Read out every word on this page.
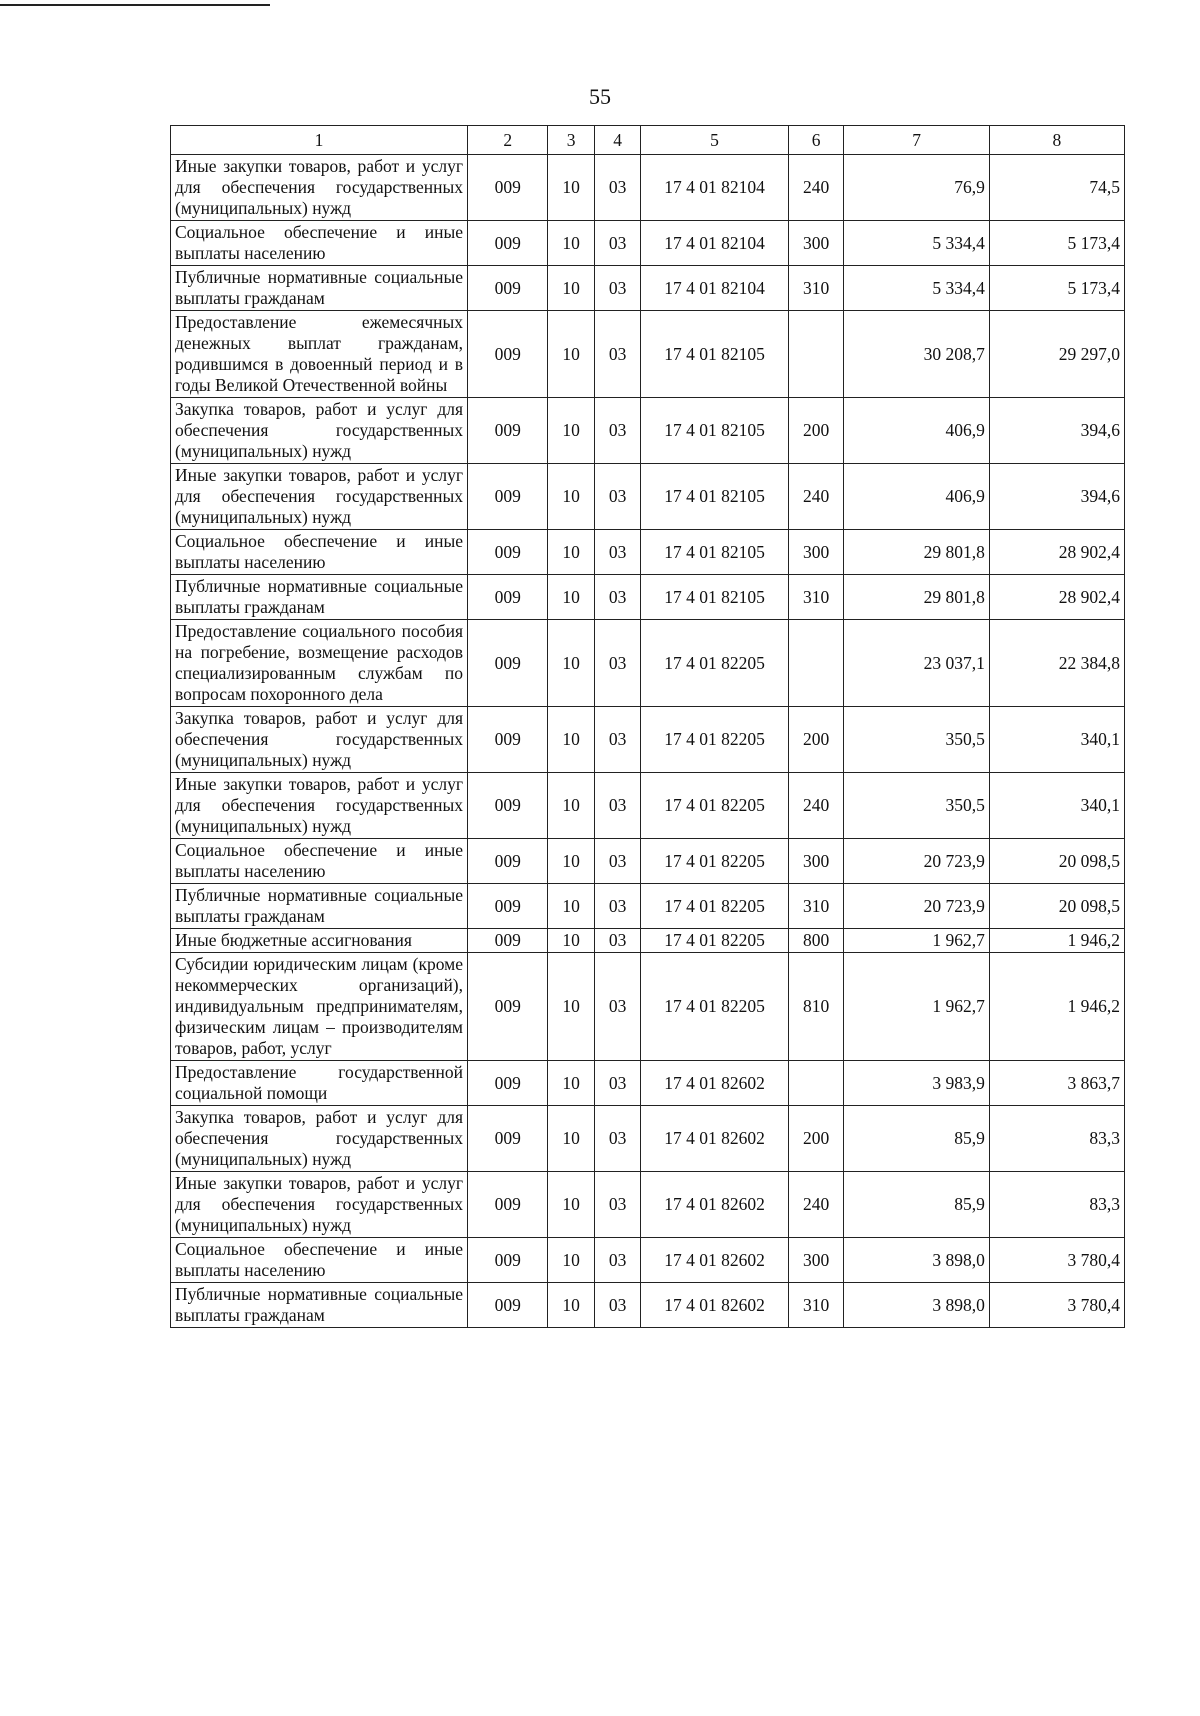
55
1	2	3	4	5	6	7	8
Иные закупки товаров, работ и услуг для обеспечения государственных (муниципальных) нужд	009	10	03	17 4 01 82104	240	76,9	74,5
Социальное обеспечение и иные выплаты населению	009	10	03	17 4 01 82104	300	5 334,4	5 173,4
Публичные нормативные социальные выплаты гражданам	009	10	03	17 4 01 82104	310	5 334,4	5 173,4
Предоставление ежемесячных денежных выплат гражданам, родившимся в довоенный период и в годы Великой Отечественной войны	009	10	03	17 4 01 82105		30 208,7	29 297,0
Закупка товаров, работ и услуг для обеспечения государственных (муниципальных) нужд	009	10	03	17 4 01 82105	200	406,9	394,6
Иные закупки товаров, работ и услуг для обеспечения государственных (муниципальных) нужд	009	10	03	17 4 01 82105	240	406,9	394,6
Социальное обеспечение и иные выплаты населению	009	10	03	17 4 01 82105	300	29 801,8	28 902,4
Публичные нормативные социальные выплаты гражданам	009	10	03	17 4 01 82105	310	29 801,8	28 902,4
Предоставление социального пособия на погребение, возмещение расходов специализированным службам по вопросам похоронного дела	009	10	03	17 4 01 82205		23 037,1	22 384,8
Закупка товаров, работ и услуг для обеспечения государственных (муниципальных) нужд	009	10	03	17 4 01 82205	200	350,5	340,1
Иные закупки товаров, работ и услуг для обеспечения государственных (муниципальных) нужд	009	10	03	17 4 01 82205	240	350,5	340,1
Социальное обеспечение и иные выплаты населению	009	10	03	17 4 01 82205	300	20 723,9	20 098,5
Публичные нормативные социальные выплаты гражданам	009	10	03	17 4 01 82205	310	20 723,9	20 098,5
Иные бюджетные ассигнования	009	10	03	17 4 01 82205	800	1 962,7	1 946,2
Субсидии юридическим лицам (кроме некоммерческих организаций), индивидуальным предпринимателям, физическим лицам – производителям товаров, работ, услуг	009	10	03	17 4 01 82205	810	1 962,7	1 946,2
Предоставление государственной социальной помощи	009	10	03	17 4 01 82602		3 983,9	3 863,7
Закупка товаров, работ и услуг для обеспечения государственных (муниципальных) нужд	009	10	03	17 4 01 82602	200	85,9	83,3
Иные закупки товаров, работ и услуг для обеспечения государственных (муниципальных) нужд	009	10	03	17 4 01 82602	240	85,9	83,3
Социальное обеспечение и иные выплаты населению	009	10	03	17 4 01 82602	300	3 898,0	3 780,4
Публичные нормативные социальные выплаты гражданам	009	10	03	17 4 01 82602	310	3 898,0	3 780,4
